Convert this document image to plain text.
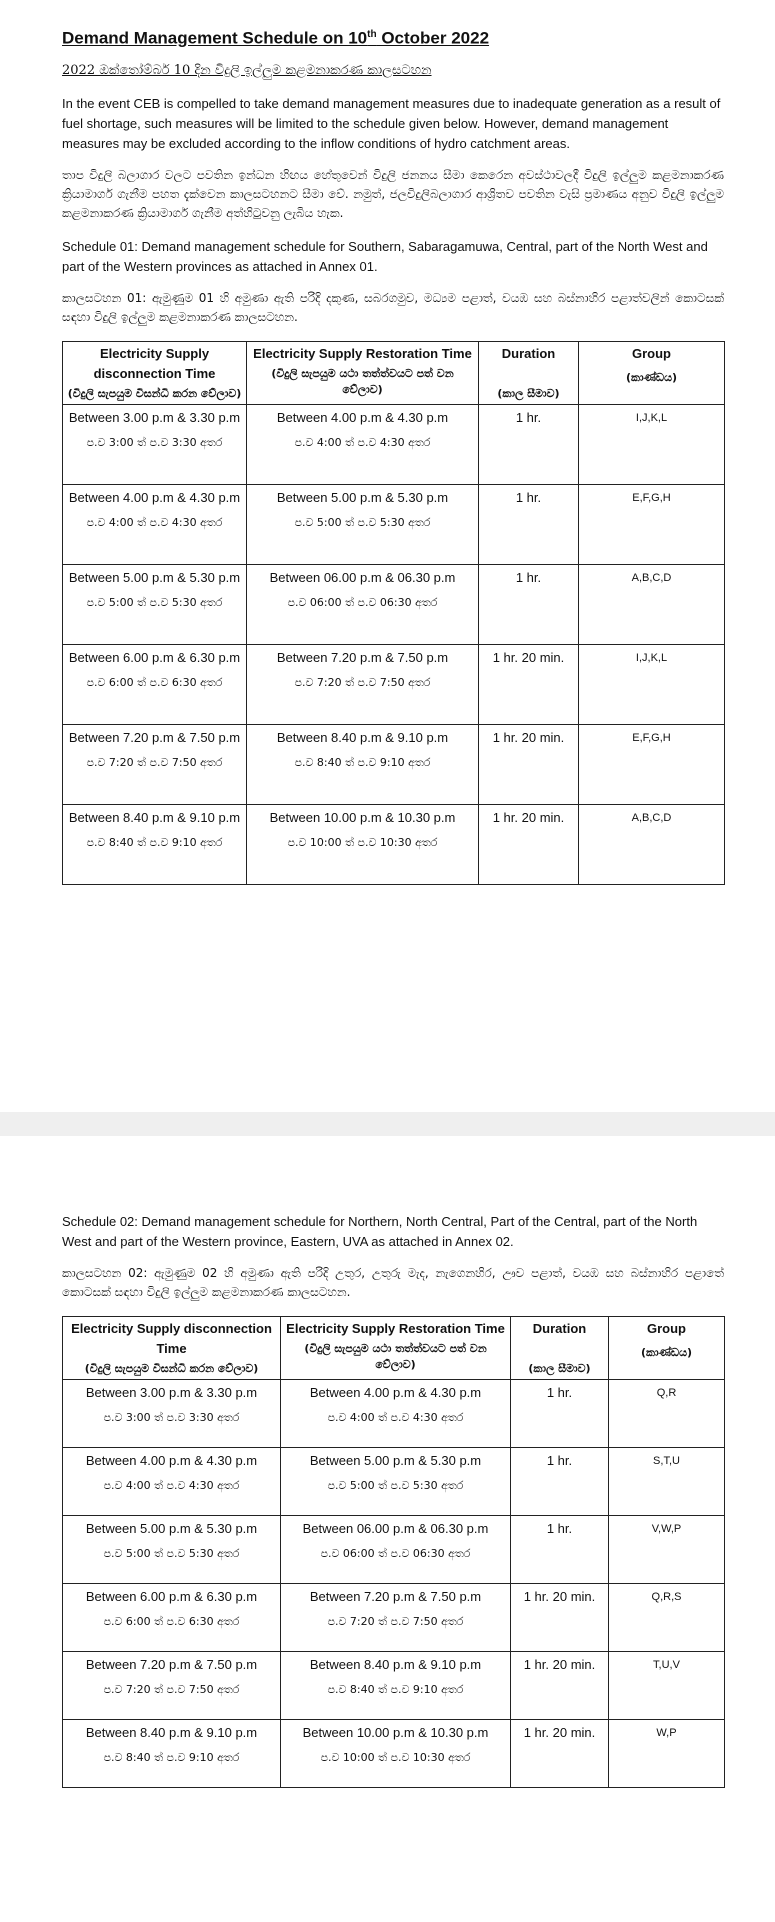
Demand Management Schedule on 10th October 2022
2022 ඔක්තෝම්බර් 10 දින විදුලි ඉල්ලුම කළමනාකරණ කාලසටහන
In the event CEB is compelled to take demand management measures due to inadequate generation as a result of fuel shortage, such measures will be limited to the schedule given below. However, demand management measures may be excluded according to the inflow conditions of hydro catchment areas.
තාප විදුලි බලාගාර වලට පවතින ඉන්ධන හිඟය හේතුවෙන් විදුලි ජනනය සීමා කෙරෙන අවස්ථාවලදී විදුලි ඉල්ලුම කළමනාකරණ ක්‍රියාමාර්ග ගැනීම පහත දැක්වෙන කාලසටහනට සීමා වේ. නමුත්, ජලවිදුලිබලාගාර ආශ්‍රිතව පවතින වැසි ප්‍රමාණය අනුව විදුලි ඉල්ලුම කළමනාකරණ ක්‍රියාමාර්ග ගැනීම අත්හිටුවනු ලැබිය හැක.
Schedule 01: Demand management schedule for Southern, Sabaragamuwa, Central, part of the North West and part of the Western provinces as attached in Annex 01.
කාලසටහන 01: ඇමුණුම 01 හි අමුණා ඇති පරිදි දකුණ, සබරගමුව, මධ්‍යම පළාත්, වයඹ සහ බස්නාහිර පළාත්වලින් කොටසක් සඳහා විදුලි ඉල්ලුම කළමනාකරණ කාලසටහන.
Electricity Supply disconnection Time
(විදුලි සැපයුම විසන්ධි කරන වේලාව)	Electricity Supply Restoration Time
(විදුලි සැපයුම යථා තත්ත්වයට පත් වන වේලාව)	Duration
(කාල සීමාව)	Group
(කාණ්ඩය)

Between 3.00 p.m & 3.30 p.m
ප.ව 3:00 ත් ප.ව 3:30 අතර	Between 4.00 p.m & 4.30 p.m
ප.ව 4:00 ත් ප.ව 4:30 අතර	1 hr.	I,J,K,L

Between 4.00 p.m & 4.30 p.m
ප.ව 4:00 ත් ප.ව 4:30 අතර	Between 5.00 p.m & 5.30 p.m
ප.ව 5:00 ත් ප.ව 5:30 අතර	1 hr.	E,F,G,H

Between 5.00 p.m & 5.30 p.m
ප.ව 5:00 ත් ප.ව 5:30 අතර	Between 06.00 p.m & 06.30 p.m
ප.ව 06:00 ත් ප.ව 06:30 අතර	1 hr.	A,B,C,D

Between 6.00 p.m & 6.30 p.m
ප.ව 6:00 ත් ප.ව 6:30 අතර	Between 7.20 p.m & 7.50 p.m
ප.ව 7:20 ත් ප.ව 7:50 අතර	1 hr. 20 min.	I,J,K,L

Between 7.20 p.m & 7.50 p.m
ප.ව 7:20 ත් ප.ව 7:50 අතර	Between 8.40 p.m & 9.10 p.m
ප.ව 8:40 ත් ප.ව 9:10 අතර	1 hr. 20 min.	E,F,G,H

Between 8.40 p.m & 9.10 p.m
ප.ව 8:40 ත් ප.ව 9:10 අතර	Between 10.00 p.m & 10.30 p.m
ප.ව 10:00 ත් ප.ව 10:30 අතර	1 hr. 20 min.	A,B,C,D
Schedule 02: Demand management schedule for Northern, North Central, Part of the Central, part of the North West and part of the Western province, Eastern, UVA as attached in Annex 02.
කාලසටහන 02: ඇමුණුම 02 හි අමුණා ඇති පරිදි උතුර, උතුරු මැද, නැගෙනහිර, ඌව පළාත්, වයඹ සහ බස්නාහිර පළාතේ කොටසක් සඳහා විදුලි ඉල්ලුම කළමනාකරණ කාලසටහන.
Electricity Supply disconnection Time
(විදුලි සැපයුම විසන්ධි කරන වේලාව)	Electricity Supply Restoration Time
(විදුලි සැපයුම යථා තත්ත්වයට පත් වන වේලාව)	Duration
(කාල සීමාව)	Group
(කාණ්ඩය)

Between 3.00 p.m & 3.30 p.m
ප.ව 3:00 ත් ප.ව 3:30 අතර	Between 4.00 p.m & 4.30 p.m
ප.ව 4:00 ත් ප.ව 4:30 අතර	1 hr.	Q,R

Between 4.00 p.m & 4.30 p.m
ප.ව 4:00 ත් ප.ව 4:30 අතර	Between 5.00 p.m & 5.30 p.m
ප.ව 5:00 ත් ප.ව 5:30 අතර	1 hr.	S,T,U

Between 5.00 p.m & 5.30 p.m
ප.ව 5:00 ත් ප.ව 5:30 අතර	Between 06.00 p.m & 06.30 p.m
ප.ව 06:00 ත් ප.ව 06:30 අතර	1 hr.	V,W,P

Between 6.00 p.m & 6.30 p.m
ප.ව 6:00 ත් ප.ව 6:30 අතර	Between 7.20 p.m & 7.50 p.m
ප.ව 7:20 ත් ප.ව 7:50 අතර	1 hr. 20 min.	Q,R,S

Between 7.20 p.m & 7.50 p.m
ප.ව 7:20 ත් ප.ව 7:50 අතර	Between 8.40 p.m & 9.10 p.m
ප.ව 8:40 ත් ප.ව 9:10 අතර	1 hr. 20 min.	T,U,V

Between 8.40 p.m & 9.10 p.m
ප.ව 8:40 ත් ප.ව 9:10 අතර	Between 10.00 p.m & 10.30 p.m
ප.ව 10:00 ත් ප.ව 10:30 අතර	1 hr. 20 min.	W,P
